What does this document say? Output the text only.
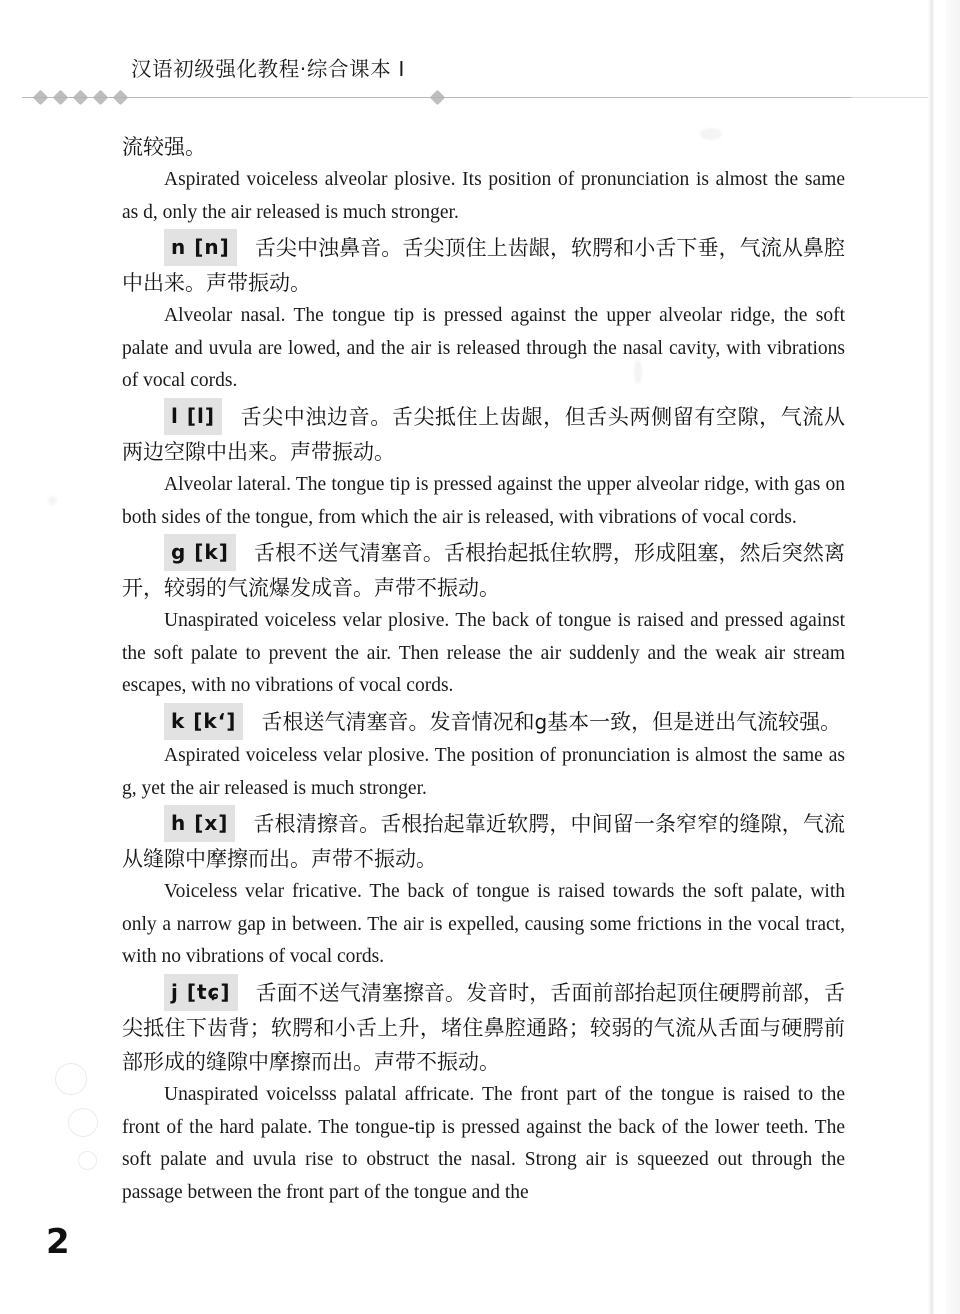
汉语初级强化教程·综合课本 I

流较强。

Aspirated voiceless alveolar plosive. Its position of pronunciation is almost the same as d, only the air released is much stronger.

n [n] 舌尖中浊鼻音。舌尖顶住上齿龈，软腭和小舌下垂，气流从鼻腔中出来。声带振动。

Alveolar nasal. The tongue tip is pressed against the upper alveolar ridge, the soft palate and uvula are lowed, and the air is released through the nasal cavity, with vibrations of vocal cords.

l [l] 舌尖中浊边音。舌尖抵住上齿龈，但舌头两侧留有空隙，气流从两边空隙中出来。声带振动。

Alveolar lateral. The tongue tip is pressed against the upper alveolar ridge, with gas on both sides of the tongue, from which the air is released, with vibrations of vocal cords.

g [k] 舌根不送气清塞音。舌根抬起抵住软腭，形成阻塞，然后突然离开，较弱的气流爆发成音。声带不振动。

Unaspirated voiceless velar plosive. The back of tongue is raised and pressed against the soft palate to prevent the air. Then release the air suddenly and the weak air stream escapes, with no vibrations of vocal cords.

k [kʻ] 舌根送气清塞音。发音情况和g基本一致，但是迸出气流较强。

Aspirated voiceless velar plosive. The position of pronunciation is almost the same as g, yet the air released is much stronger.

h [x] 舌根清擦音。舌根抬起靠近软腭，中间留一条窄窄的缝隙，气流从缝隙中摩擦而出。声带不振动。

Voiceless velar fricative. The back of tongue is raised towards the soft palate, with only a narrow gap in between. The air is expelled, causing some frictions in the vocal tract, with no vibrations of vocal cords.

j [tɕ] 舌面不送气清塞擦音。发音时，舌面前部抬起顶住硬腭前部，舌尖抵住下齿背；软腭和小舌上升，堵住鼻腔通路；较弱的气流从舌面与硬腭前部形成的缝隙中摩擦而出。声带不振动。

Unaspirated voicelsss palatal affricate. The front part of the tongue is raised to the front of the hard palate. The tongue-tip is pressed against the back of the lower teeth. The soft palate and uvula rise to obstruct the nasal. Strong air is squeezed out through the passage between the front part of the tongue and the

2
